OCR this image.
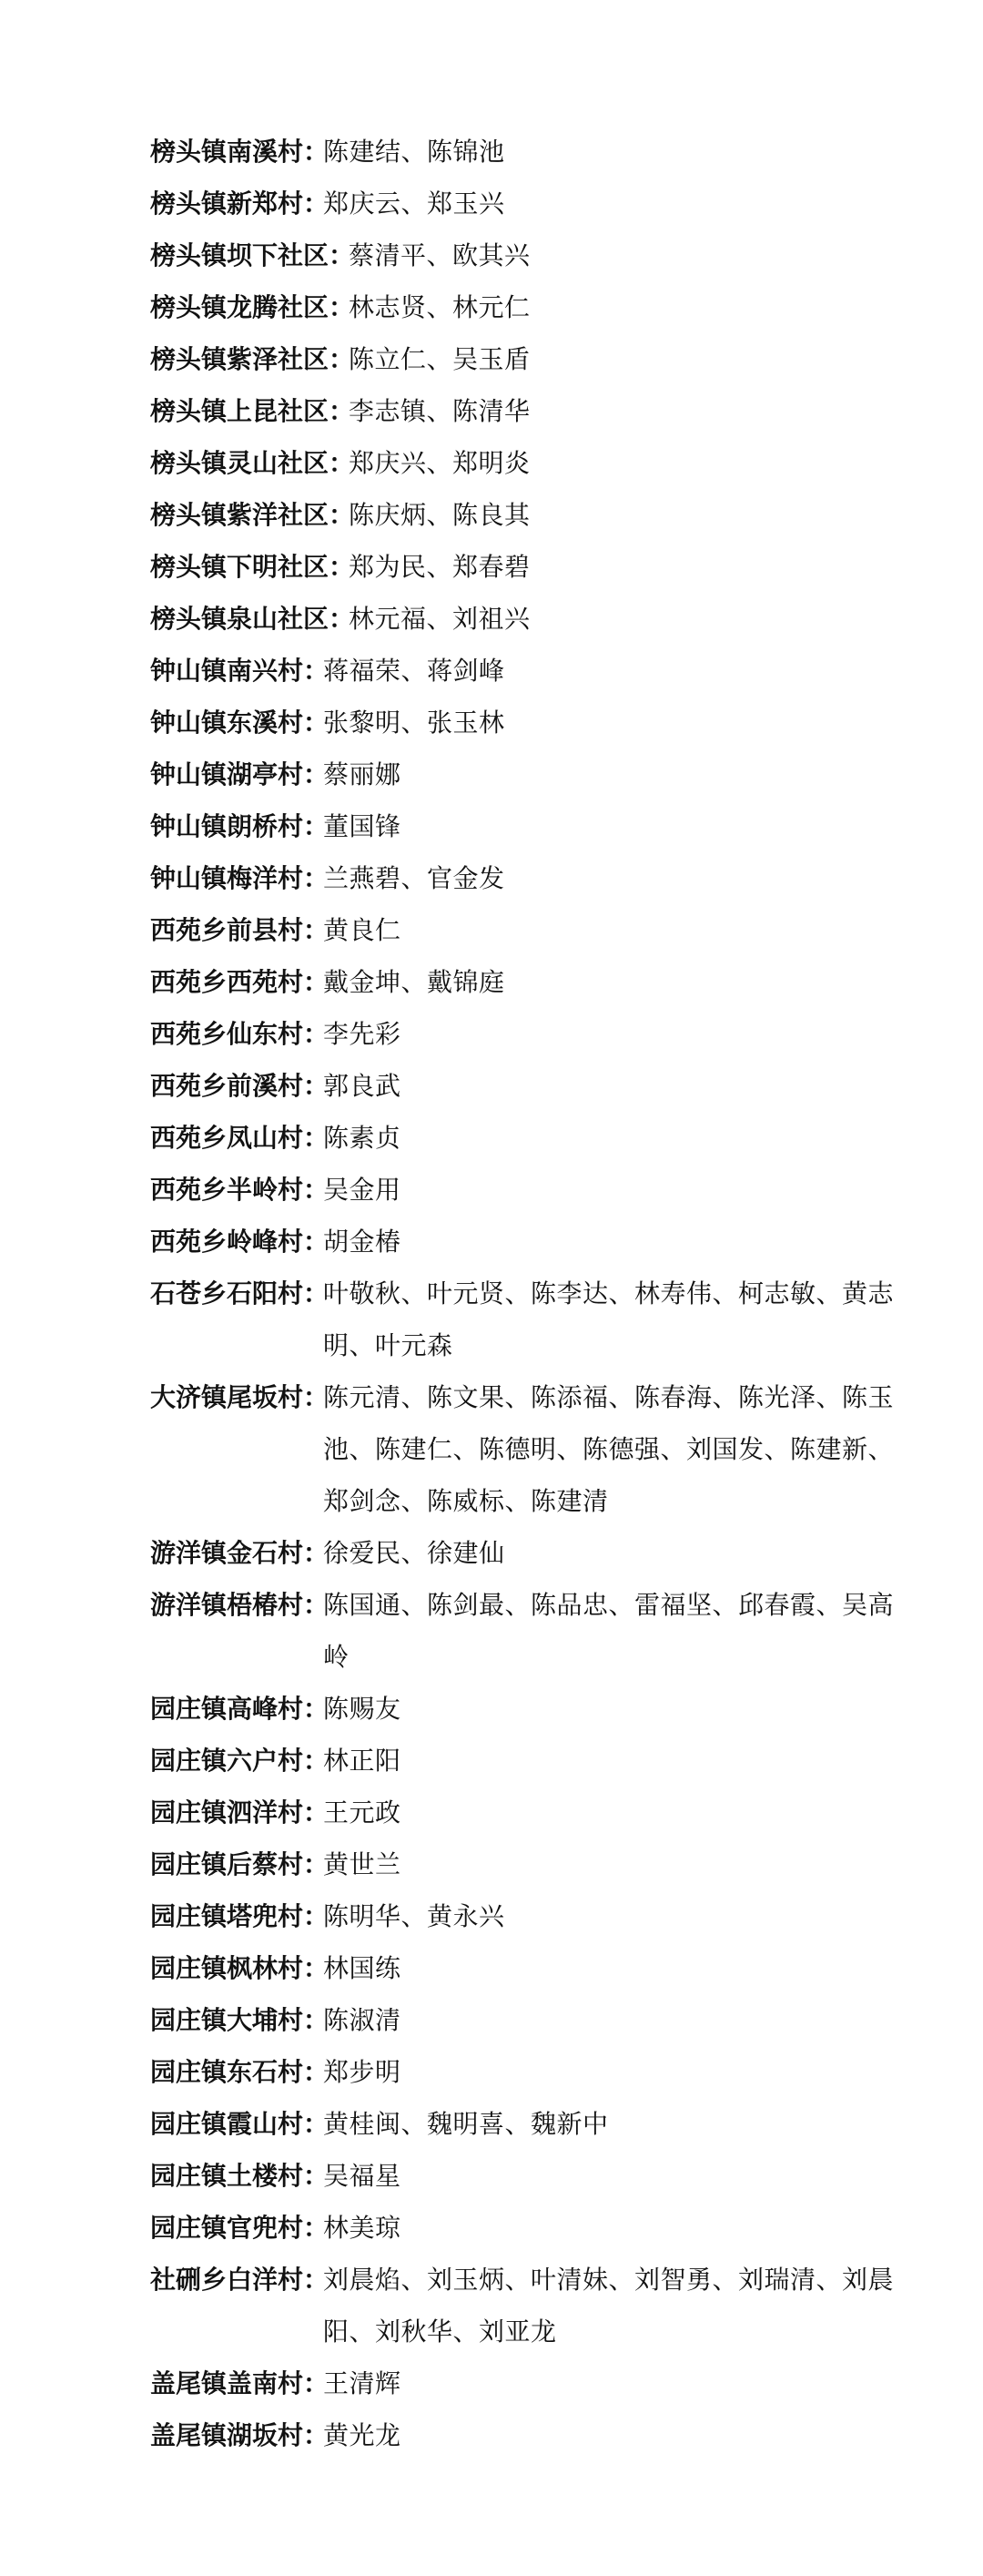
榜头镇南溪村 ：
陈建结、陈锦池
榜头镇新郑村 ：
郑庆云、郑玉兴
榜头镇坝下社区 ：
蔡清平、欧其兴
榜头镇龙腾社区 ：
林志贤、林元仁
榜头镇紫泽社区 ：
陈立仁、吴玉盾
榜头镇上昆社区 ：
李志镇、陈清华
榜头镇灵山社区 ：
郑庆兴、郑明炎
榜头镇紫洋社区 ：
陈庆炳、陈良其
榜头镇下明社区 ：
郑为民、郑春碧
榜头镇泉山社区 ：
林元福、刘祖兴
钟山镇南兴村 ：
蒋福荣、蒋剑峰
钟山镇东溪村 ：
张黎明、张玉林
钟山镇湖亭村 ：
蔡丽娜
钟山镇朗桥村 ：
董国锋
钟山镇梅洋村 ：
兰燕碧、官金发
西苑乡前县村 ：
黄良仁
西苑乡西苑村 ：
戴金坤、戴锦庭
西苑乡仙东村 ：
李先彩
西苑乡前溪村 ：
郭良武
西苑乡凤山村 ：
陈素贞
西苑乡半岭村 ：
吴金用
西苑乡岭峰村 ：
胡金椿
石苍乡石阳村 ：
叶敬秋、叶元贤、陈李达、林寿伟、柯志敏、黄志明、叶元森
大济镇尾坂村 ：
陈元清、陈文果、陈添福、陈春海、陈光泽、陈玉池、陈建仁、陈德明、陈德强、刘国发、陈建新、郑剑念、陈威标、陈建清
游洋镇金石村 ：
徐爱民、徐建仙
游洋镇梧椿村 ：
陈国通、陈剑最、陈品忠、雷福坚、邱春霞、吴高岭
园庄镇高峰村 ：
陈赐友
园庄镇六户村 ：
林正阳
园庄镇泗洋村 ：
王元政
园庄镇后蔡村 ：
黄世兰
园庄镇塔兜村 ：
陈明华、黄永兴
园庄镇枫林村 ：
林国练
园庄镇大埔村 ：
陈淑清
园庄镇东石村 ：
郑步明
园庄镇霞山村 ：
黄桂闽、魏明喜、魏新中
园庄镇土楼村 ：
吴福星
园庄镇官兜村 ：
林美琼
社硎乡白洋村 ：
刘晨焰、刘玉炳、叶清妹、刘智勇、刘瑞清、刘晨阳、刘秋华、刘亚龙
盖尾镇盖南村 ：
王清辉
盖尾镇湖坂村 ：
黄光龙
